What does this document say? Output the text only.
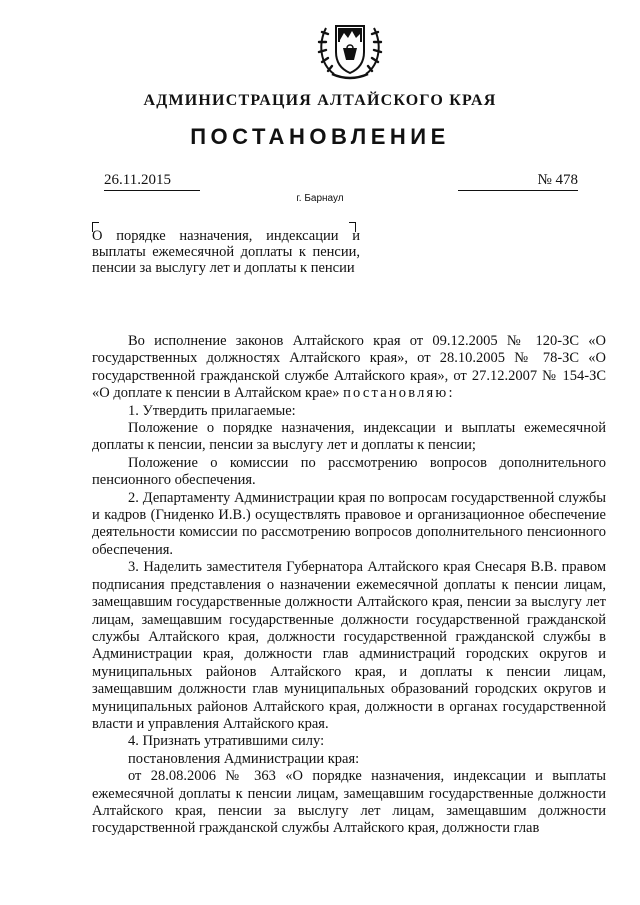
АДМИНИСТРАЦИЯ АЛТАЙСКОГО КРАЯ
ПОСТАНОВЛЕНИЕ
26.11.2015	№ 478
г. Барнаул
О порядке назначения, индексации и выплаты ежемесячной доплаты к пенсии, пенсии за выслугу лет и доплаты к пенсии

Во исполнение законов Алтайского края от 09.12.2005 № 120-ЗС «О государственных должностях Алтайского края», от 28.10.2005 № 78-ЗС «О государственной гражданской службе Алтайского края», от 27.12.2007 № 154-ЗС «О доплате к пенсии в Алтайском крае» постановляю:

1. Утвердить прилагаемые:

Положение о порядке назначения, индексации и выплаты ежемесячной доплаты к пенсии, пенсии за выслугу лет и доплаты к пенсии;

Положение о комиссии по рассмотрению вопросов дополнительного пенсионного обеспечения.

2. Департаменту Администрации края по вопросам государственной службы и кадров (Гниденко И.В.) осуществлять правовое и организационное обеспечение деятельности комиссии по рассмотрению вопросов дополнительного пенсионного обеспечения.

3. Наделить заместителя Губернатора Алтайского края Снесаря В.В. правом подписания представления о назначении ежемесячной доплаты к пенсии лицам, замещавшим государственные должности Алтайского края, пенсии за выслугу лет лицам, замещавшим государственные должности государственной гражданской службы Алтайского края, должности государственной гражданской службы в Администрации края, должности глав администраций городских округов и муниципальных районов Алтайского края, и доплаты к пенсии лицам, замещавшим должности глав муниципальных образований городских округов и муниципальных районов Алтайского края, должности в органах государственной власти и управления Алтайского края.

4. Признать утратившими силу:

постановления Администрации края:

от 28.08.2006 № 363 «О порядке назначения, индексации и выплаты ежемесячной доплаты к пенсии лицам, замещавшим государственные должности Алтайского края, пенсии за выслугу лет лицам, замещавшим должности государственной гражданской службы Алтайского края, должности глав
